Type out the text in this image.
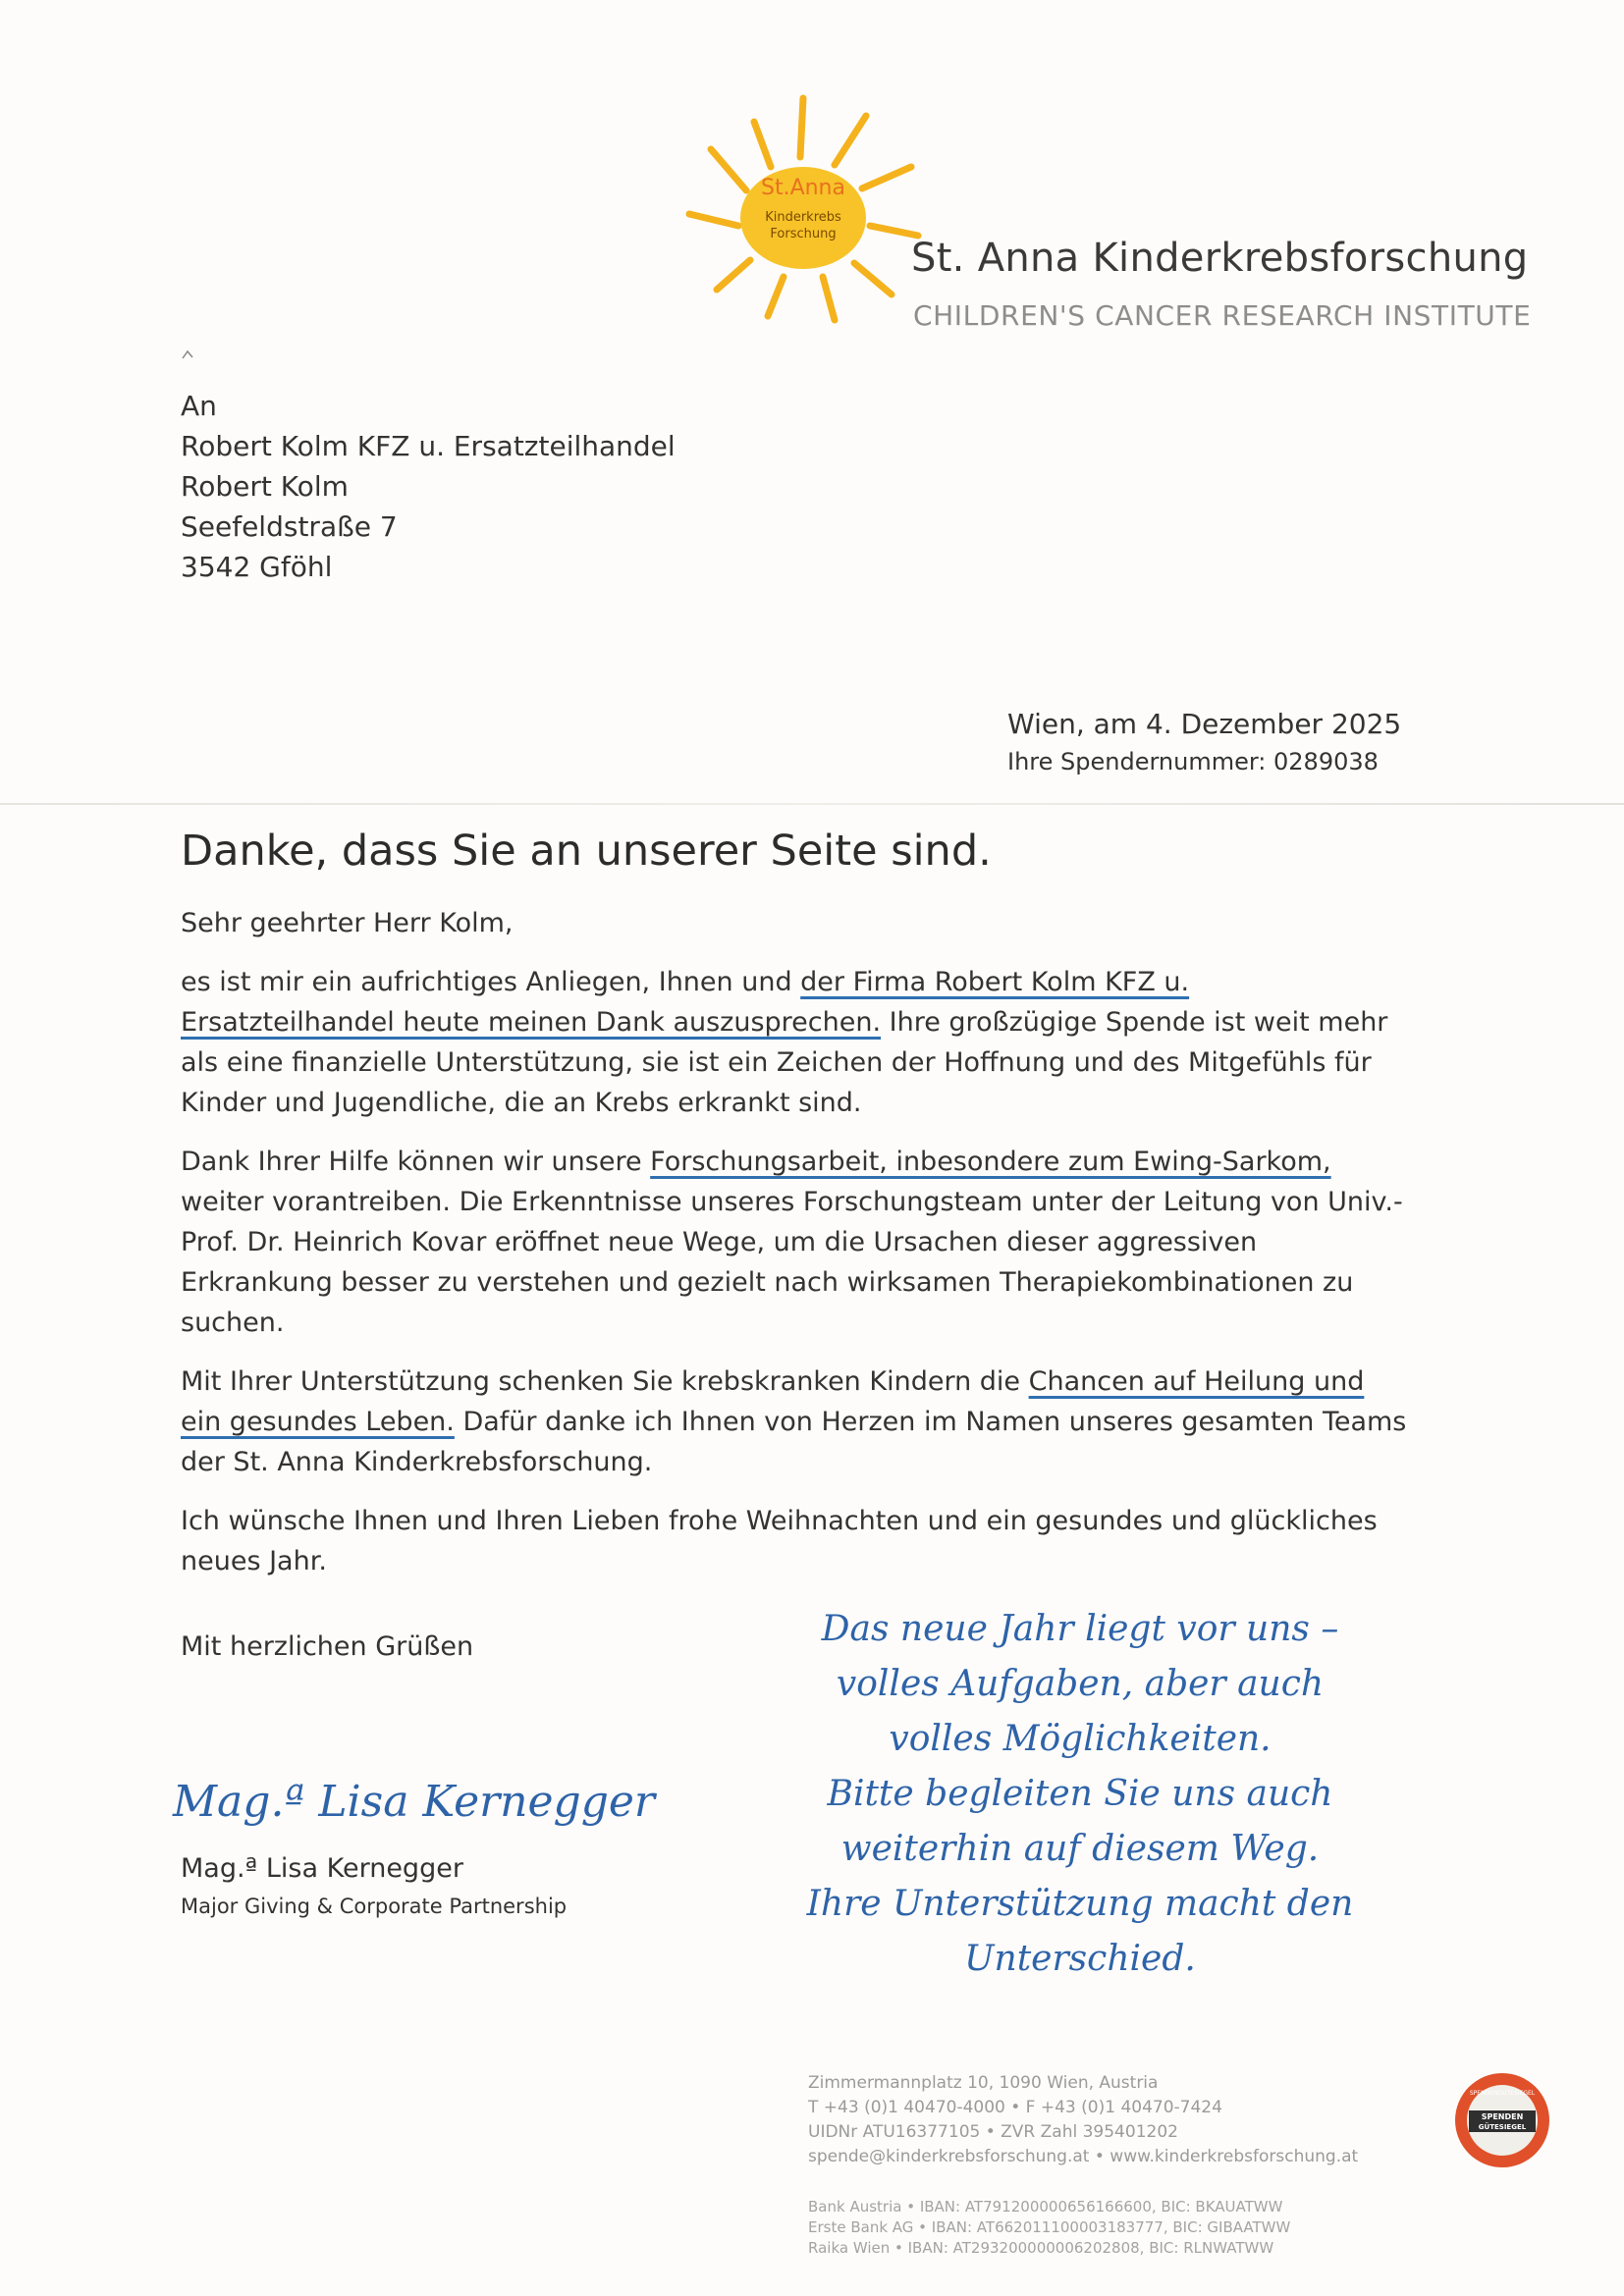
St.Anna
Kinderkrebs
Forschung
St. Anna Kinderkrebsforschung
CHILDREN'S CANCER RESEARCH INSTITUTE
An
Robert Kolm KFZ u. Ersatzteilhandel
Robert Kolm
Seefeldstraße 7
3542 Gföhl
Wien, am 4. Dezember 2025
Ihre Spendernummer: 0289038
Danke, dass Sie an unserer Seite sind.

Sehr geehrter Herr Kolm,

es ist mir ein aufrichtiges Anliegen, Ihnen und der Firma Robert Kolm KFZ u. Ersatzteilhandel heute meinen Dank auszusprechen. Ihre großzügige Spende ist weit mehr als eine finanzielle Unterstützung, sie ist ein Zeichen der Hoffnung und des Mitgefühls für Kinder und Jugendliche, die an Krebs erkrankt sind.

Dank Ihrer Hilfe können wir unsere Forschungsarbeit, inbesondere zum Ewing-Sarkom, weiter vorantreiben. Die Erkenntnisse unseres Forschungsteam unter der Leitung von Univ.-Prof. Dr. Heinrich Kovar eröffnet neue Wege, um die Ursachen dieser aggressiven Erkrankung besser zu verstehen und gezielt nach wirksamen Therapiekombinationen zu suchen.

Mit Ihrer Unterstützung schenken Sie krebskranken Kindern die Chancen auf Heilung und ein gesundes Leben. Dafür danke ich Ihnen von Herzen im Namen unseres gesamten Teams der St. Anna Kinderkrebsforschung.

Ich wünsche Ihnen und Ihren Lieben frohe Weihnachten und ein gesundes und glückliches neues Jahr.

Mit herzlichen Grüßen
Mag.ª Lisa Kernegger
Mag.ª Lisa Kernegger
Major Giving & Corporate Partnership
Das neue Jahr liegt vor uns –
volles Aufgaben, aber auch
volles Möglichkeiten.
Bitte begleiten Sie uns auch
weiterhin auf diesem Weg.
Ihre Unterstützung macht den
Unterschied.
Zimmermannplatz 10, 1090 Wien, Austria
T +43 (0)1 40470-4000 • F +43 (0)1 40470-7424
UIDNr ATU16377105 • ZVR Zahl 395401202
spende@kinderkrebsforschung.at • www.kinderkrebsforschung.at
Bank Austria • IBAN: AT791200000656166600, BIC: BKAUATWW
Erste Bank AG • IBAN: AT662011100003183777, BIC: GIBAATWW
Raika Wien • IBAN: AT293200000006202808, BIC: RLNWATWW
SPENDEN
GÜTESIEGEL
SPENDENGUTESIEGEL
